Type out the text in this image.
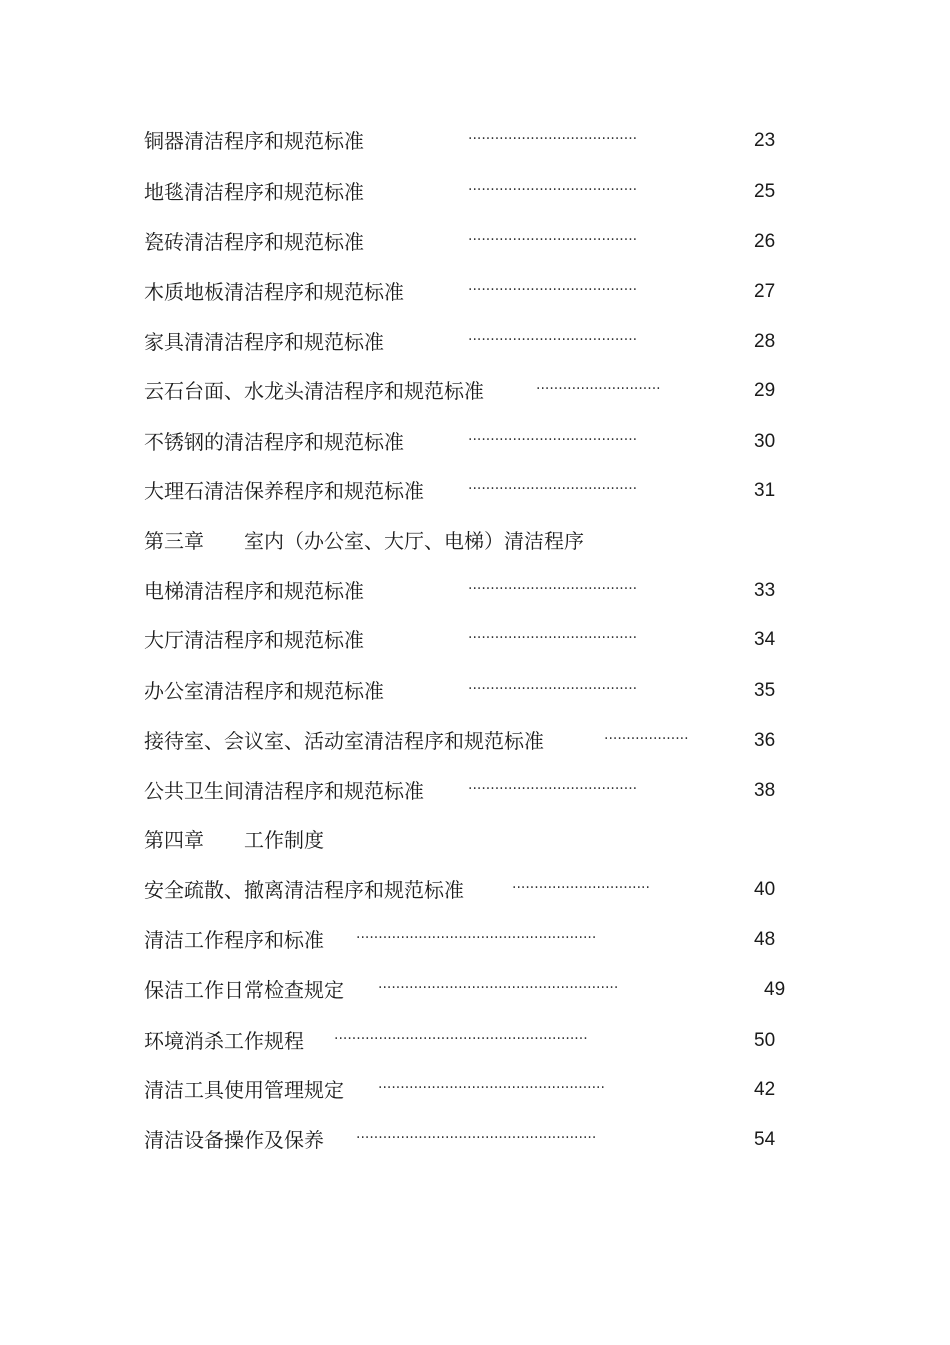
铜器清洁程序和规范标准	······································	23
地毯清洁程序和规范标准	······································	25
瓷砖清洁程序和规范标准	······································	26
木质地板清洁程序和规范标准	······································	27
家具清清洁程序和规范标准	······································	28
云石台面、水龙头清洁程序和规范标准	····························	29
不锈钢的清洁程序和规范标准	······································	30
大理石清洁保养程序和规范标准	······································	31
第三章 室内（办公室、大厅、电梯）清洁程序
电梯清洁程序和规范标准	······································	33
大厅清洁程序和规范标准	······································	34
办公室清洁程序和规范标准	······································	35
接待室、会议室、活动室清洁程序和规范标准	···················	36
公共卫生间清洁程序和规范标准	······································	38
第四章 工作制度
安全疏散、撤离清洁程序和规范标准	·······························	40
清洁工作程序和标准 ······················································	48
保洁工作日常检查规定 ······················································	49
环境消杀工作规程 ·························································	50
清洁工具使用管理规定 ···················································	42
清洁设备操作及保养 ······················································	54
